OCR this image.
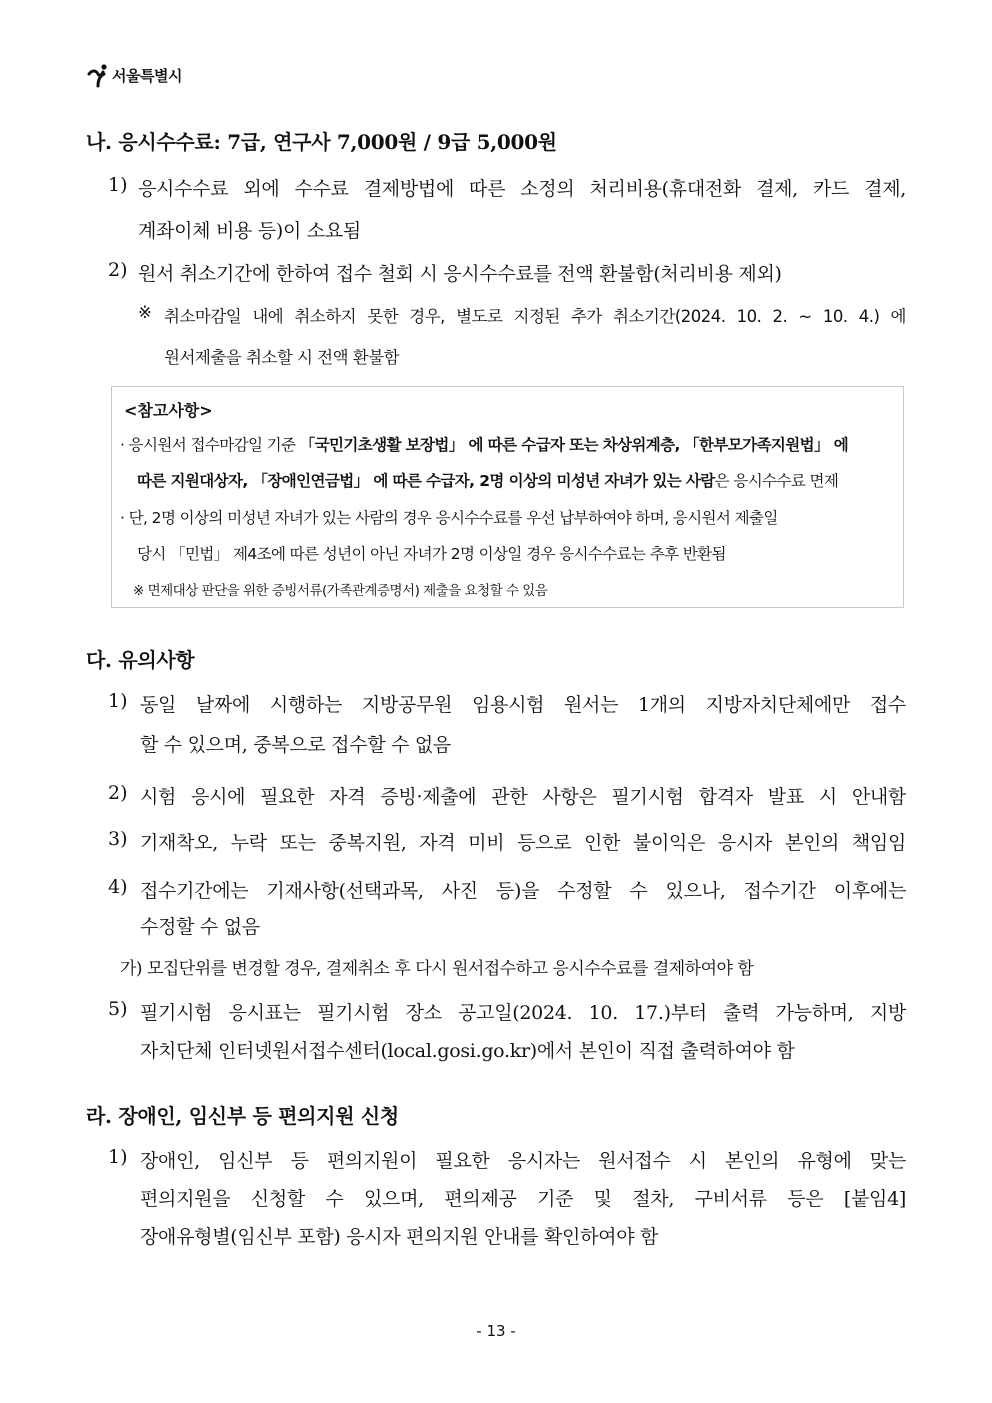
서울특별시
나. 응시수수료: 7급, 연구사 7,000원 / 9급 5,000원
1) 응시수수료 외에 수수료 결제방법에 따른 소정의 처리비용(휴대전화 결제, 카드 결제,
계좌이체 비용 등)이 소요됨
2) 원서 취소기간에 한하여 접수 철회 시 응시수수료를 전액 환불함(처리비용 제외)
※ 취소마감일 내에 취소하지 못한 경우, 별도로 지정된 추가 취소기간(2024. 10. 2. ~ 10. 4.) 에
원서제출을 취소할 시 전액 환불함
<참고사항>
· 응시원서 접수마감일 기준 「국민기초생활 보장법」 에 따른 수급자 또는 차상위계층, 「한부모가족지원법」 에
따른 지원대상자, 「장애인연금법」 에 따른 수급자, 2명 이상의 미성년 자녀가 있는 사람은 응시수수료 면제
· 단, 2명 이상의 미성년 자녀가 있는 사람의 경우 응시수수료를 우선 납부하여야 하며, 응시원서 제출일
당시 「민법」 제4조에 따른 성년이 아닌 자녀가 2명 이상일 경우 응시수수료는 추후 반환됨
※ 면제대상 판단을 위한 증빙서류(가족관계증명서) 제출을 요청할 수 있음
다. 유의사항
1) 동일 날짜에 시행하는 지방공무원 임용시험 원서는 1개의 지방자치단체에만 접수
할 수 있으며, 중복으로 접수할 수 없음
2) 시험 응시에 필요한 자격 증빙·제출에 관한 사항은 필기시험 합격자 발표 시 안내함
3) 기재착오, 누락 또는 중복지원, 자격 미비 등으로 인한 불이익은 응시자 본인의 책임임
4) 접수기간에는 기재사항(선택과목, 사진 등)을 수정할 수 있으나, 접수기간 이후에는
수정할 수 없음
가) 모집단위를 변경할 경우, 결제취소 후 다시 원서접수하고 응시수수료를 결제하여야 함
5) 필기시험 응시표는 필기시험 장소 공고일(2024. 10. 17.)부터 출력 가능하며, 지방
자치단체 인터넷원서접수센터(local.gosi.go.kr)에서 본인이 직접 출력하여야 함
라. 장애인, 임신부 등 편의지원 신청
1) 장애인, 임신부 등 편의지원이 필요한 응시자는 원서접수 시 본인의 유형에 맞는
편의지원을 신청할 수 있으며, 편의제공 기준 및 절차, 구비서류 등은 [붙임4]
장애유형별(임신부 포함) 응시자 편의지원 안내를 확인하여야 함
- 13 -
